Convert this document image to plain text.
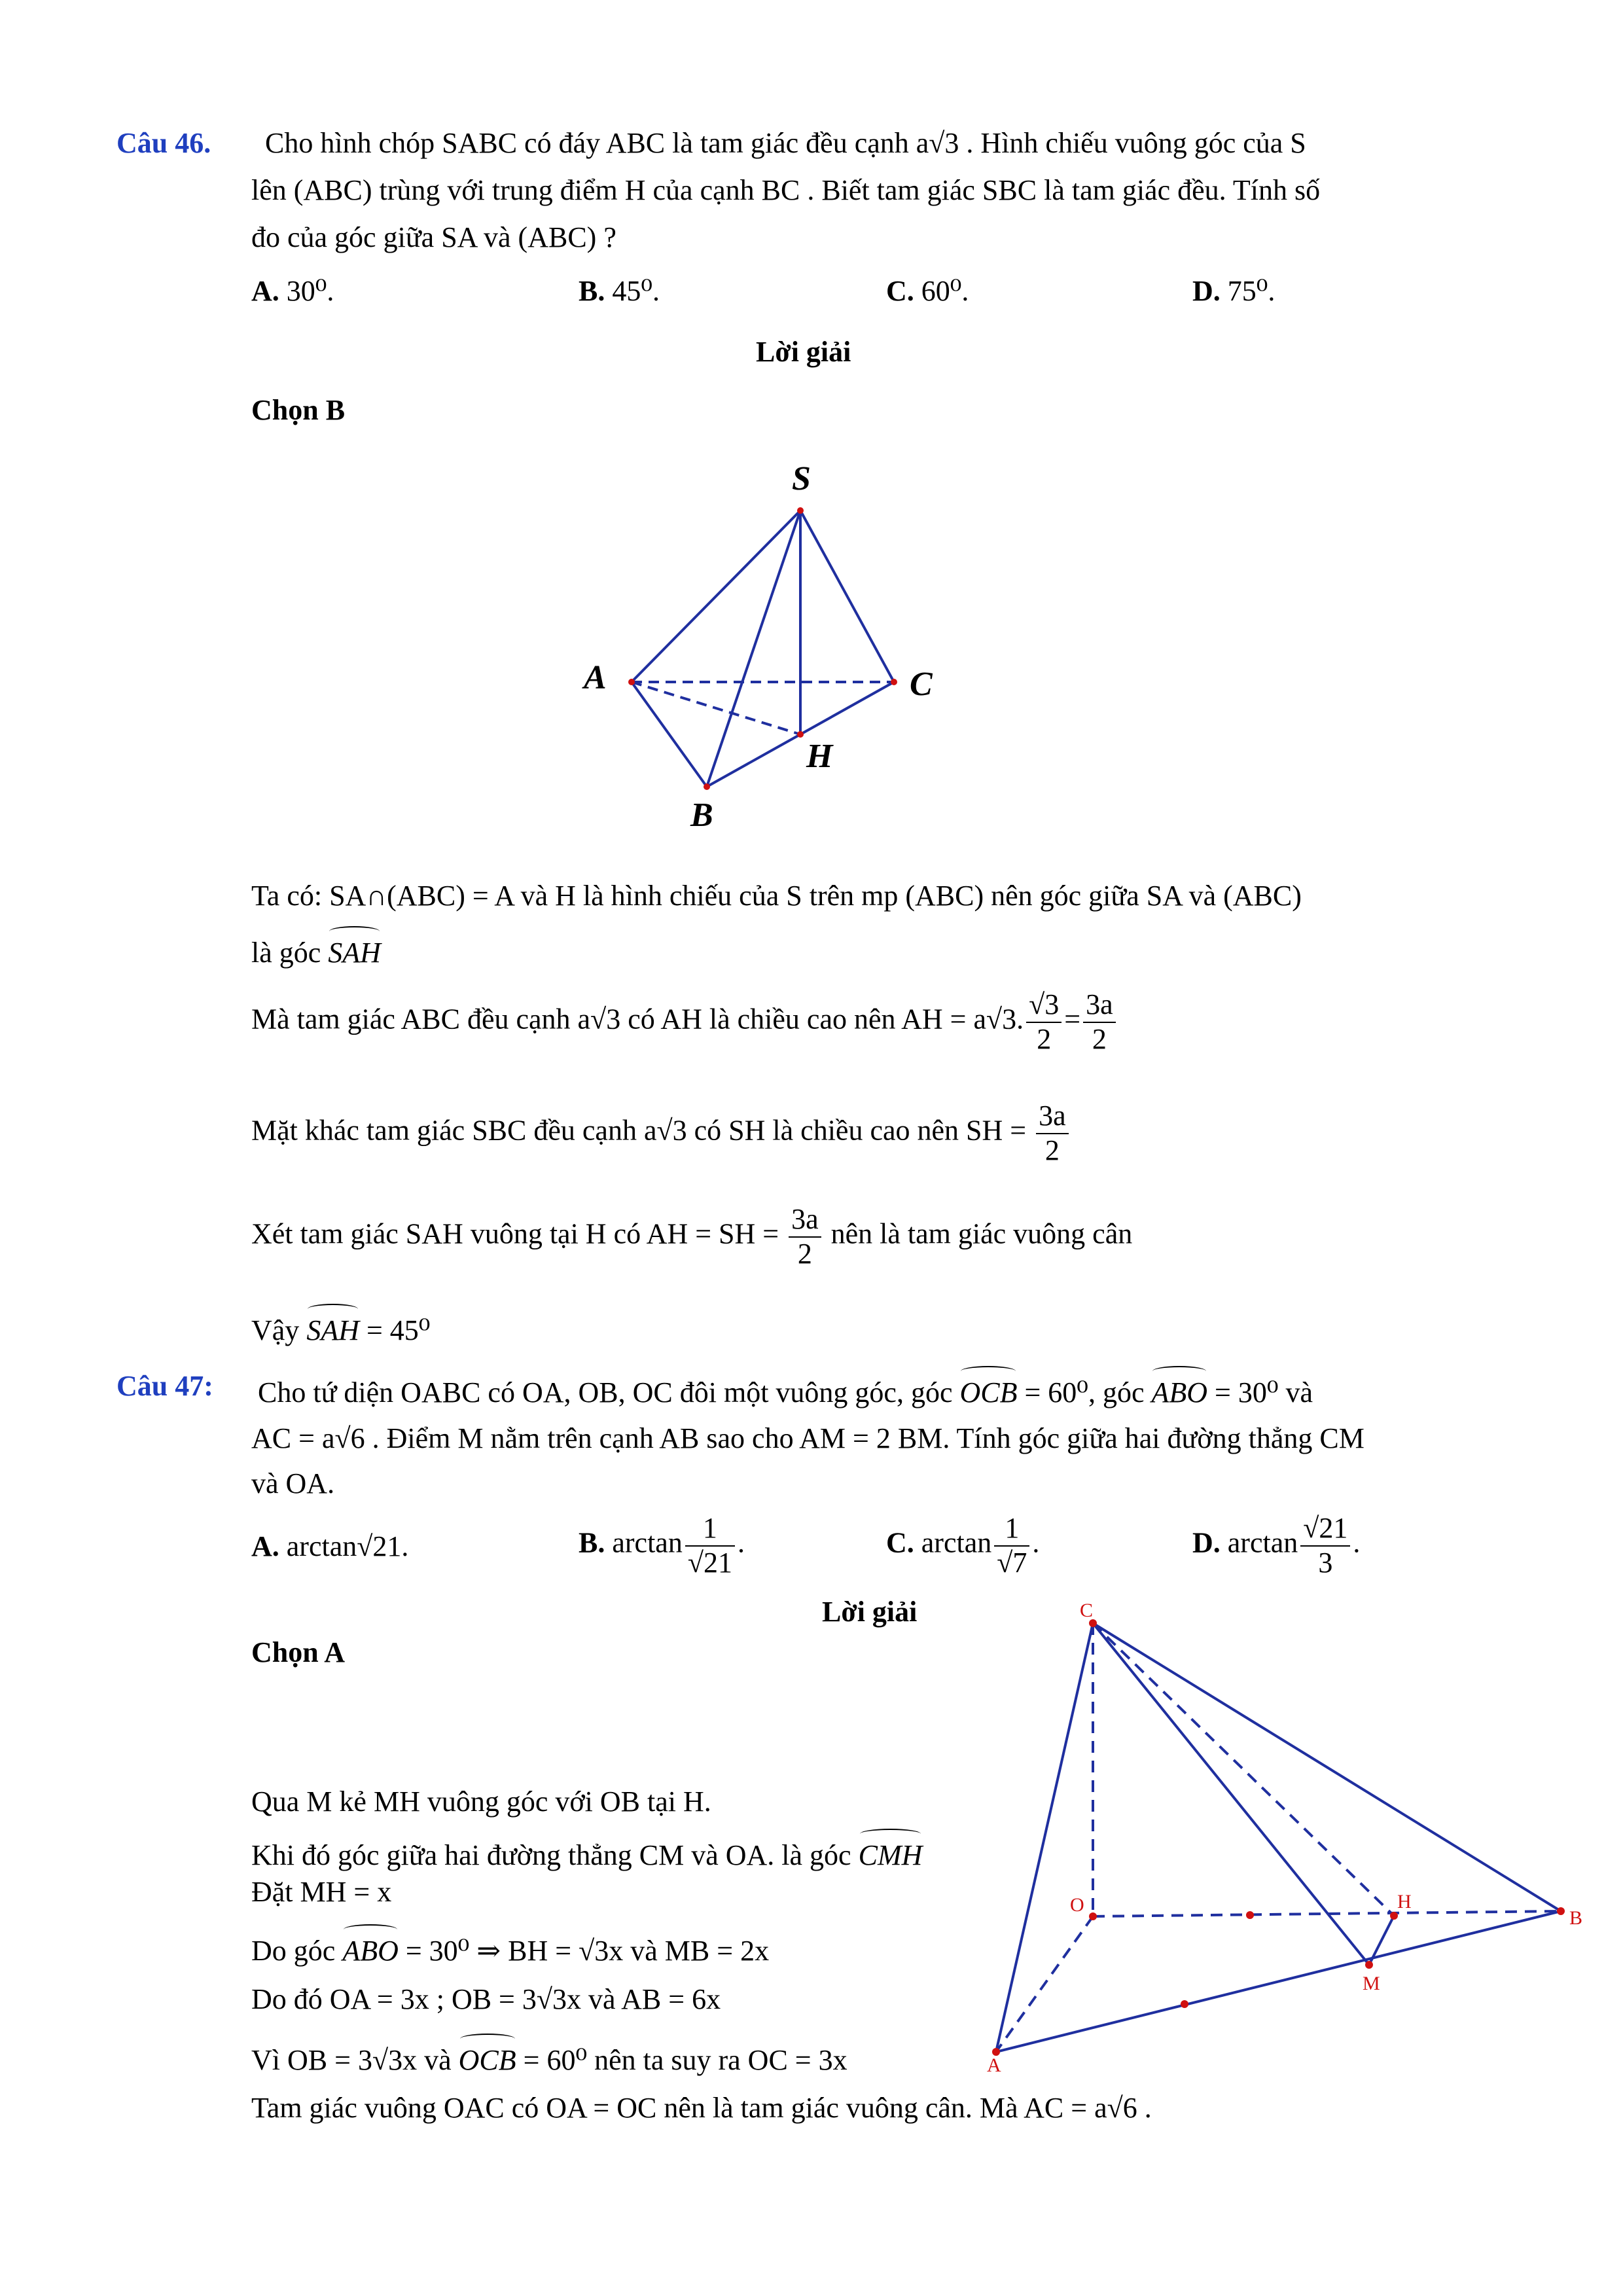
Câu 46. Cho hình chóp SABC có đáy ABC là tam giác đều cạnh a√3 . Hình chiếu vuông góc của S
lên (ABC) trùng với trung điểm H của cạnh BC . Biết tam giác SBC là tam giác đều. Tính số
đo của góc giữa SA và (ABC) ?
A. 30⁰.	B. 45⁰.	C. 60⁰.	D. 75⁰.
Lời giải
Chọn B
S
A
B
C
H
Ta có: SA∩(ABC) = A và H là hình chiếu của S trên mp (ABC) nên góc giữa SA và (ABC)
là góc SAH
Mà tam giác ABC đều cạnh a√3 có AH là chiều cao nên AH = a√3. $\frac{√3}{2} = \frac{3a}{2}$
Mặt khác tam giác SBC đều cạnh a√3 có SH là chiều cao nên SH = $\frac{3a}{2}$
Xét tam giác SAH vuông tại H có AH = SH = $\frac{3a}{2}$ nên là tam giác vuông cân
Vậy SAH = 45⁰
Câu 47: Cho tứ diện OABC có OA, OB, OC đôi một vuông góc, góc OCB = 60⁰, góc ABO = 30⁰ và
AC = a√6 . Điểm M nằm trên cạnh AB sao cho AM = 2 BM. Tính góc giữa hai đường thẳng CM
và OA.
A. arctan√21.	B. $\arctan \frac{1}{√21}$ .	C. $\arctan \frac{1}{√7}$ .	D. $\arctan \frac{√21}{3}$ .
Lời giải
Chọn A
C
O	H
B
M
A
Qua M kẻ MH vuông góc với OB tại H.
Khi đó góc giữa hai đường thẳng CM và OA. là góc CMH
Đặt MH = x
Do góc ABO = 30⁰ ⇒ BH = √3x và MB = 2x
Do đó OA = 3x ; OB = 3√3x và AB = 6x
Vì OB = 3√3x và OCB = 60⁰ nên ta suy ra OC = 3x
Tam giác vuông OAC có OA = OC nên là tam giác vuông cân. Mà AC = a√6 .
